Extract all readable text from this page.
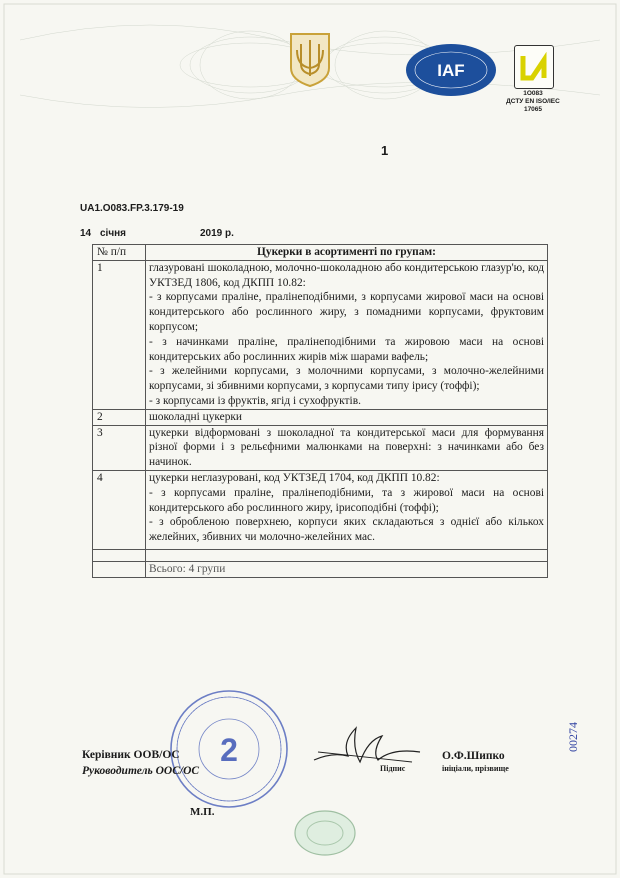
IAF
1О083
ДСТУ EN ISO/IEC 17065
1
UA1.O083.FP.3.179-19
14 січня	2019 р.
№ п/п	Цукерки в асортименті по групам:
1	глазуровані шоколадною, молочно-шоколадною або кондитерською глазур'ю, код УКТЗЕД 1806, код ДКПП 10.82:
- з корпусами праліне, пралінеподібними, з корпусами жирової маси на основі кондитерського або рослинного жиру, з помадними корпусами, фруктовим корпусом;
- з начинками праліне, пралінеподібними та жировою маси на основі кондитерських або рослинних жирів між шарами вафель;
- з желейними корпусами, з молочними корпусами, з молочно-желейними корпусами, зі збивними корпусами, з корпусами типу ірису (тоффі);
- з корпусами із фруктів, ягід і сухофруктів.

2	шоколадні цукерки

3	цукерки відформовані з шоколадної та кондитерської маси для формування різної форми і з рельєфними малюнками на поверхні: з начинками або без начинок.

4	цукерки неглазуровані, код УКТЗЕД 1704, код ДКПП 10.82:
- з корпусами праліне, пралінеподібними, та з жирової маси на основі кондитерського або рослинного жиру, ірисоподібні (тоффі);
- з обробленою поверхнею, корпуси яких складаються з однієї або кількох желейних, збивних чи молочно-желейних мас.

	Всього: 4 групи
2
Керівник ООВ/ОС
Руководитель ООС/ОС
М.П.
Підпис
О.Ф.Шипко
ініціали, прізвище
00274
